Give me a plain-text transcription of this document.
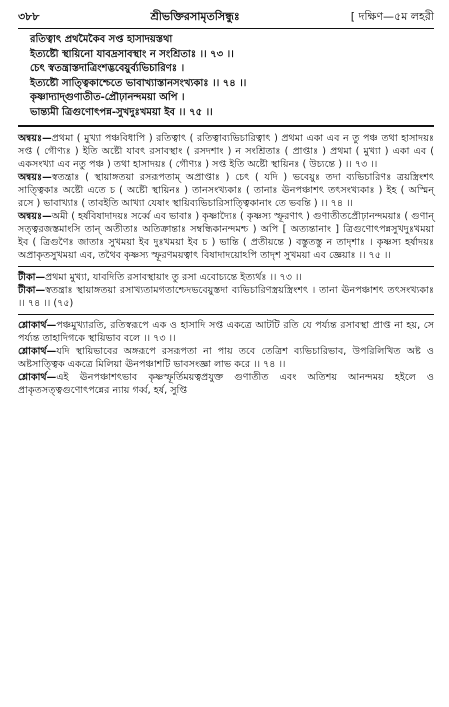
৩৮৮	শ্রীভক্তিরসামৃতসিন্ধুঃ	[ দক্ষিণ—৫ম লহরী
রতিত্বাৎ প্রথমৈকৈব সপ্ত হাসাদয়স্তথা
ইত্যষ্টৌ স্থায়িনো যাবদ্রসাবস্থাং ন সংশ্রিতাঃ ।। ৭৩ ।।
চেৎ স্বতন্ত্রাস্তদাত্রিংশদ্ভবেয়ুর্ব্যভিচারিণঃ ।
ইত্যষ্টৌ সাত্ত্বিকাশ্চেতে ভাবাখ্যাস্তানসংখ্যকাঃ ।। ৭৪ ।।
কৃষ্ণাদ্যাদ্গুণাতীত-প্রৌঢ়ানন্দময়া অপি ।
ভান্ত্যমী ত্রিগুণোৎপন্ন-সুখদুঃখময়া ইব ।। ৭৫ ।।

অন্বয়ঃ—প্রথমা ( মুখ্যা পঞ্চবিধাপি ) রতিত্বাৎ ( রতিত্বাব্যভিচারিত্বাৎ ) প্রথমা একা এব ন তু পঞ্চ তথা হাসাদয়ঃ সপ্ত ( গৌণ্যঃ ) ইতি অষ্টৌ যাবৎ রসাবস্থাং ( রসদশাং ) ন সংশ্রিতাঃ ( প্রাপ্তাঃ ) প্রথমা ( মুখ্যা ) একা এব ( একসংখ্যা এব নতু পঞ্চ ) তথা হাসাদয়ঃ ( গৌণ্যঃ ) সপ্ত ইতি অষ্টৌ স্থায়িনঃ ( উচ্যন্তে ) ।। ৭৩ ।।

অন্বয়ঃ—স্বতন্ত্রাঃ ( স্থায়াঙ্গতয়া রসরূপতাম্ অপ্রাপ্তাঃ ) চেৎ ( যদি ) ভবেয়ুঃ তদা ব্যভিচারিণঃ ত্রয়স্ত্রিংশৎ সাত্ত্বিকাঃ অষ্টৌ এতে চ ( অষ্টৌ স্থায়িনঃ ) তানসংখ্যকাঃ ( তানাঃ ঊনপঞ্চাশৎ তৎসংখ্যকাঃ ) ইহ ( অস্মিন্ রসে ) ভাবাখ্যাঃ ( তাবইতি আখ্যা যেষাং স্থায়িব্যভিচারিসাত্ত্বিকানাং তে ভবন্তি ) ।। ৭৪ ।।

অন্বয়ঃ—অমী ( হর্ষবিষাদাদয়ঃ সর্ব্বে এব ভাবাঃ ) কৃষ্ণাদ্যৈঃ ( কৃষ্ণস্য স্ফূরণাৎ ) গুণাতীতপ্রৌঢ়ানন্দময়াঃ ( গুণান্ সত্ত্বরজস্তমাংসি তান্ অতীতাঃ অতিক্রান্তাঃ সম্বন্ধিকানন্দমশ্চ ) অপি [ অত্যন্তানাং ] ত্রিগুণোৎপন্নসুখদুঃখময়া ইব ( ত্রিগুণৈঃ জাতাঃ সুখময়া ইব দুঃখময়া ইব চ ) ভান্তি ( প্রতীয়ন্তে ) বস্তুতস্তু ন তাদৃশাঃ । কৃষ্ণস্য হর্ষাদয়ঃ অপ্রাকৃতসুখময়া এব, তথৈব কৃষ্ণস্য স্ফূরণময়ত্বাৎ বিষাদাদয়োঽপি তাদৃশ সুখময়া এব জ্ঞেয়াঃ ।। ৭৫ ।।

টীকা—প্রথমা মুখ্যা, যাবদিতি রসাবস্থায়াং তু রসা এবোচ্যন্তে ইত্যর্থঃ ।। ৭৩ ।।

টীকা—স্বতন্ত্রাঃ স্থায়াঙ্গতয়া রসাখ্যতামগতাশ্চেদভবেয়ুস্তদা ব্যভিচারিণস্ত্রয়স্ত্রিংশৎ । তানা ঊনপঞ্চাশৎ তৎসংখ্যকাঃ ।। ৭৪ ।। (৭৫)

শ্লোকার্থ—পঞ্চমুখ্যারতি, রতিস্বরূপে এক ও হাসাদি সপ্ত একত্রে আটটি রতি যে পর্য্যন্ত রসাবস্থা প্রাপ্ত না হয়, সে পর্য্যন্ত তাহাদিগকে স্থায়িভাব বলে ।। ৭৩ ।।

শ্লোকার্থ—যদি স্থায়িভাবের অঙ্গরূপে রসরূপতা না পায় তবে তেত্রিশ ব্যভিচারিভাব, উপরিলিখিত অষ্ট ও অষ্টসাত্ত্বিক একত্রে মিলিয়া ঊনপঞ্চাশটি ভাবসংজ্ঞা লাভ করে ।। ৭৪ ।।

শ্লোকার্থ—এই ঊনপঞ্চাশৎভাব কৃষ্ণস্ফূর্তিময়ত্বপ্রযুক্ত গুণাতীত এবং অতিশয় আনন্দময় হইলে ও প্রাকৃতসত্ত্বগুণোৎপন্নের ন্যায় গর্ব্ব, হর্ষ, সুপ্তি
